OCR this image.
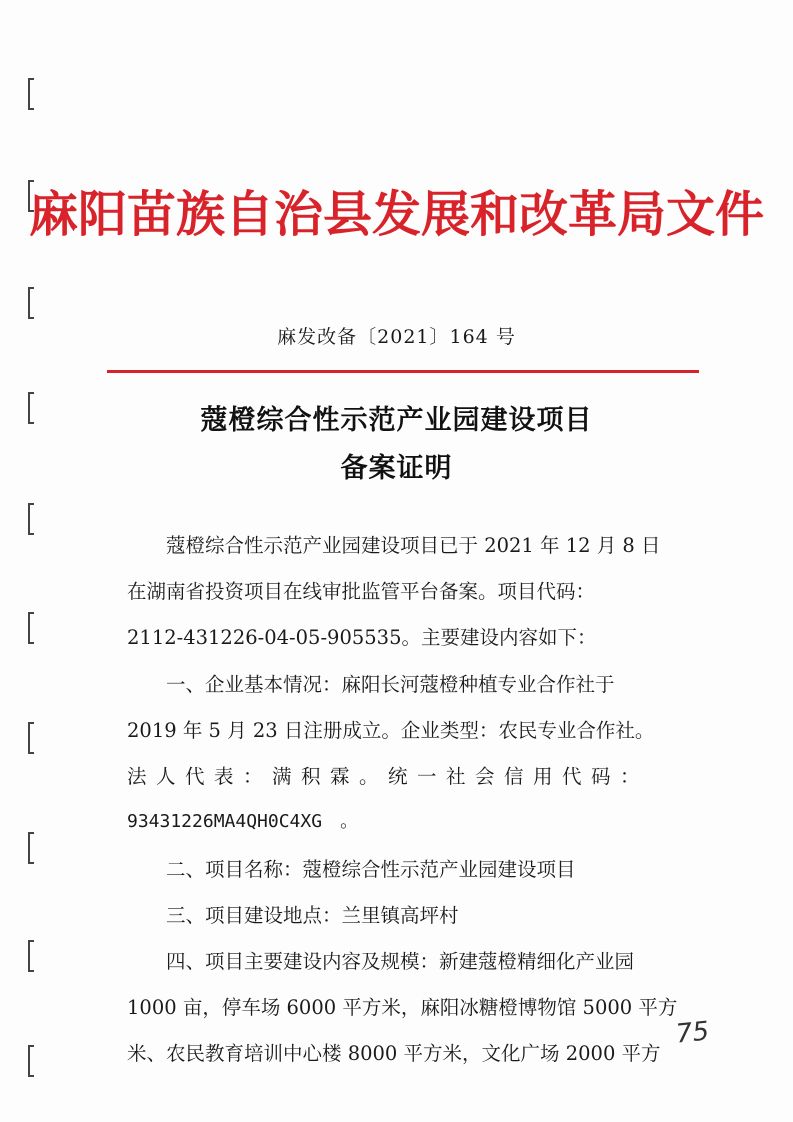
麻阳苗族自治县发展和改革局文件
麻发改备〔2021〕164 号
蔻橙综合性示范产业园建设项目
备案证明
　　蔻橙综合性示范产业园建设项目已于 2021 年 12 月 8 日
在湖南省投资项目在线审批监管平台备案。项目代码：
2112-431226-04-05-905535。主要建设内容如下：
　　一、企业基本情况：麻阳长河蔻橙种植专业合作社于
2019 年 5 月 23 日注册成立。企业类型：农民专业合作社。
法人代表：满积霖。统一社会信用代码：
93431226MA4QH0C4XG　。
　　二、项目名称：蔻橙综合性示范产业园建设项目
　　三、项目建设地点：兰里镇高坪村
　　四、项目主要建设内容及规模：新建蔻橙精细化产业园
1000 亩，停车场 6000 平方米，麻阳冰糖橙博物馆 5000 平方
米、农民教育培训中心楼 8000 平方米，文化广场 2000 平方
75
